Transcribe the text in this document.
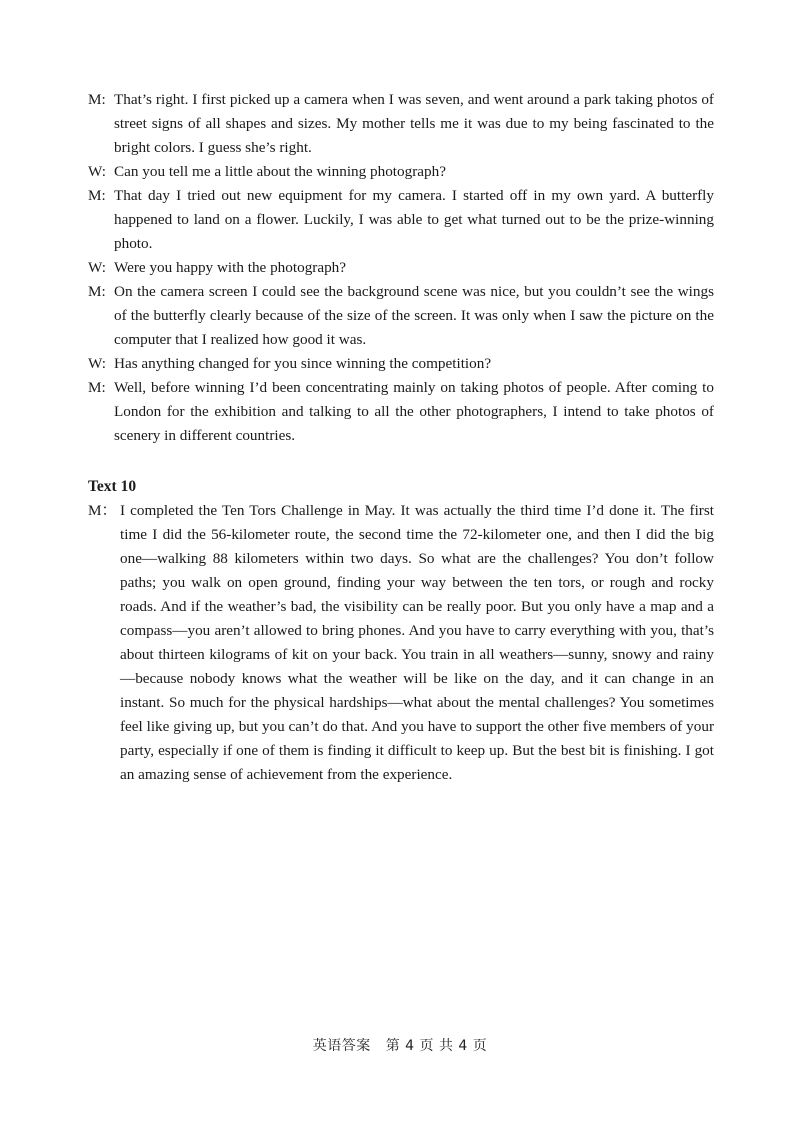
M: That’s right. I first picked up a camera when I was seven, and went around a park taking photos of street signs of all shapes and sizes. My mother tells me it was due to my being fascinated to the bright colors. I guess she’s right.

W: Can you tell me a little about the winning photograph?

M: That day I tried out new equipment for my camera. I started off in my own yard. A butterfly happened to land on a flower. Luckily, I was able to get what turned out to be the prize-winning photo.

W: Were you happy with the photograph?

M: On the camera screen I could see the background scene was nice, but you couldn’t see the wings of the butterfly clearly because of the size of the screen. It was only when I saw the picture on the computer that I realized how good it was.

W: Has anything changed for you since winning the competition?

M: Well, before winning I’d been concentrating mainly on taking photos of people. After coming to London for the exhibition and talking to all the other photographers, I intend to take photos of scenery in different countries.

Text 10

M： I completed the Ten Tors Challenge in May. It was actually the third time I’d done it. The first time I did the 56-kilometer route, the second time the 72-kilometer one, and then I did the big one—walking 88 kilometers within two days. So what are the challenges? You don’t follow paths; you walk on open ground, finding your way between the ten tors, or rough and rocky roads. And if the weather’s bad, the visibility can be really poor. But you only have a map and a compass—you aren’t allowed to bring phones. And you have to carry everything with you, that’s about thirteen kilograms of kit on your back. You train in all weathers—sunny, snowy and rainy—because nobody knows what the weather will be like on the day, and it can change in an instant. So much for the physical hardships—what about the mental challenges? You sometimes feel like giving up, but you can’t do that. And you have to support the other five members of your party, especially if one of them is finding it difficult to keep up. But the best bit is finishing. I got an amazing sense of achievement from the experience.

英语答案 第 4 页 共 4 页
